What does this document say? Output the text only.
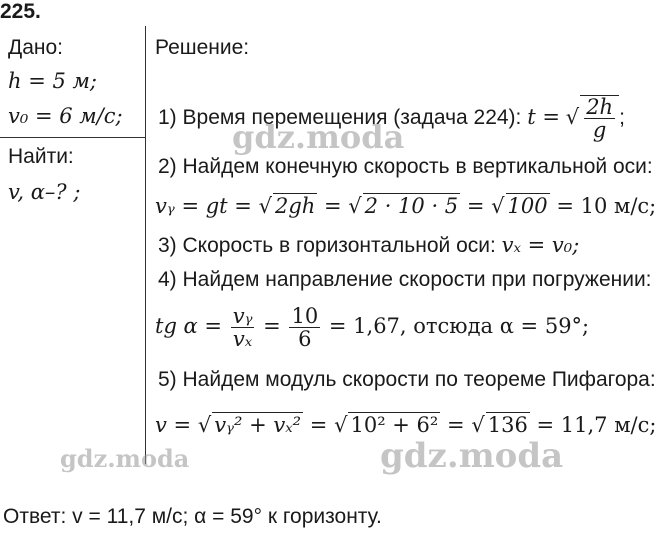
225.
Дано:
h = 5 м;
v₀ = 6 м/с;
Найти:
v, α–? ;
Решение:
1) Время перемещения (задача 224): t = √ $\frac{2h}{g}$ ;
2) Найдем конечную скорость в вертикальной оси:
vᵧ = gt = √ 2gh = √ 2 · 10 · 5 = √ 100 = 10 м/с;
3) Скорость в горизонтальной оси: vₓ = v₀;
4) Найдем направление скорости при погружении:
tg $\alpha = \frac{\text{vᵧ}}{\text{vₓ}} = \frac{10}{6} = 1,67$, отсюда α = 59°;
5) Найдем модуль скорости по теореме Пифагора:
v = √ vᵧ² + vₓ² = √ 10² + 6² = √ 136 = 11,7 м/с;
Ответ: v = 11,7 м/с; α = 59° к горизонту.
gdz.moda
gdz.moda	gdz.moda
